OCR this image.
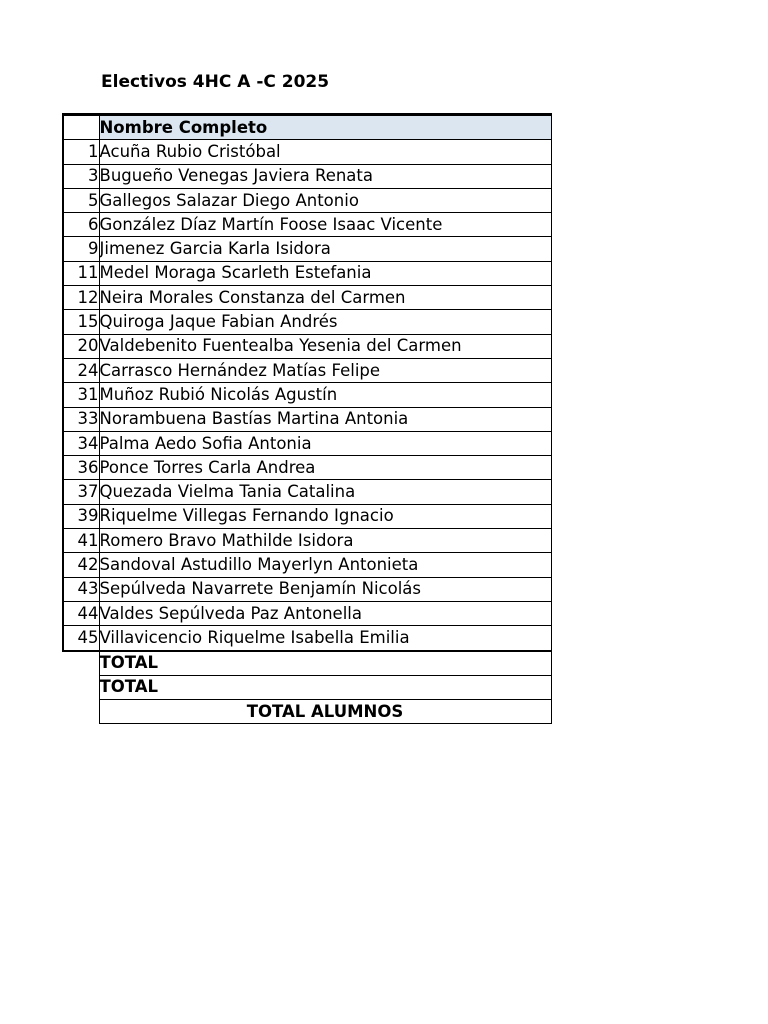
Electivos 4HC A -C 2025
	Nombre Completo
1	Acuña Rubio Cristóbal
3	Bugueño Venegas Javiera Renata
5	Gallegos Salazar Diego Antonio
6	González Díaz Martín Foose Isaac Vicente
9	Jimenez Garcia Karla Isidora
11	Medel Moraga Scarleth Estefania
12	Neira Morales Constanza del Carmen
15	Quiroga Jaque Fabian Andrés
20	Valdebenito Fuentealba Yesenia del Carmen
24	Carrasco Hernández Matías Felipe
31	Muñoz Rubió Nicolás Agustín
33	Norambuena Bastías Martina Antonia
34	Palma Aedo Sofia Antonia
36	Ponce Torres Carla Andrea
37	Quezada Vielma Tania Catalina
39	Riquelme Villegas Fernando Ignacio
41	Romero Bravo Mathilde Isidora
42	Sandoval Astudillo Mayerlyn Antonieta
43	Sepúlveda Navarrete Benjamín Nicolás
44	Valdes Sepúlveda Paz Antonella
45	Villavicencio Riquelme Isabella Emilia
	TOTAL
	TOTAL
	TOTAL ALUMNOS
